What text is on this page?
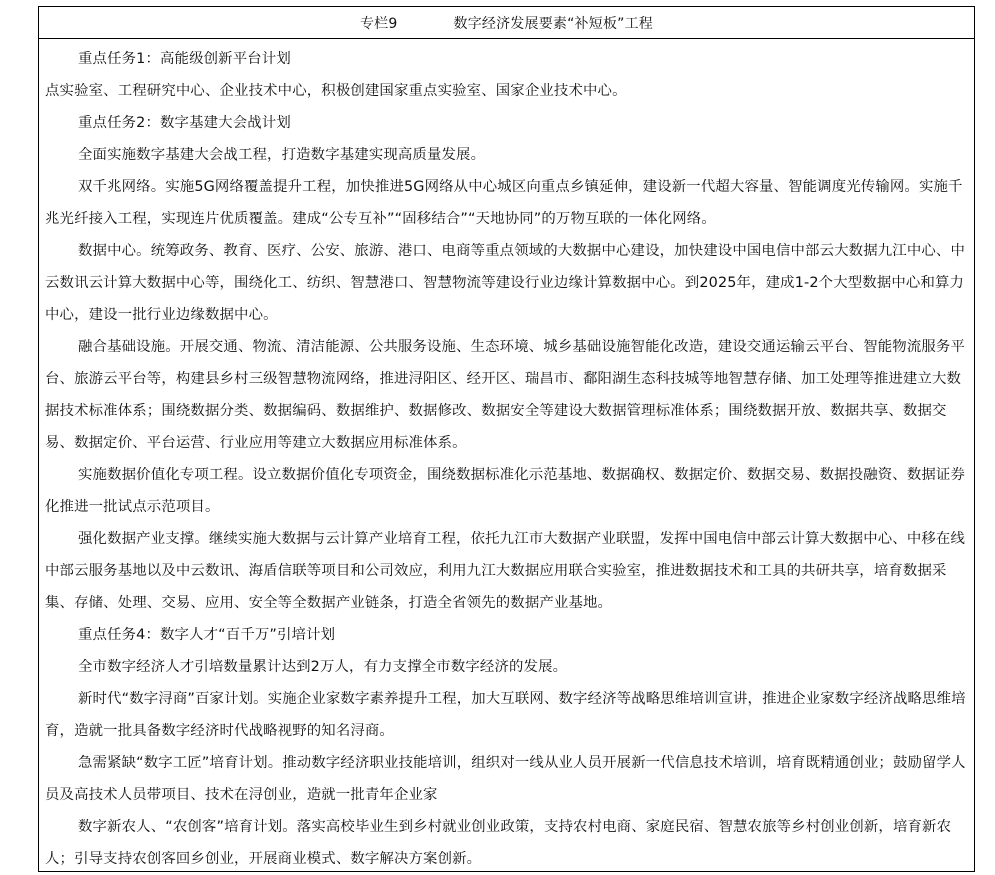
专栏9	数字经济发展要素“补短板”工程

重点任务1：高能级创新平台计划

点实验室、工程研究中心、企业技术中心，积极创建国家重点实验室、国家企业技术中心。

重点任务2：数字基建大会战计划

全面实施数字基建大会战工程，打造数字基建实现高质量发展。

双千兆网络。实施5G网络覆盖提升工程，加快推进5G网络从中心城区向重点乡镇延伸，建设新一代超大容量、智能调度光传输网。实施千兆光纤接入工程，实现连片优质覆盖。建成“公专互补”“固移结合”“天地协同”的万物互联的一体化网络。

数据中心。统筹政务、教育、医疗、公安、旅游、港口、电商等重点领域的大数据中心建设，加快建设中国电信中部云大数据九江中心、中云数讯云计算大数据中心等，围绕化工、纺织、智慧港口、智慧物流等建设行业边缘计算数据中心。到2025年，建成1-2个大型数据中心和算力中心，建设一批行业边缘数据中心。

融合基础设施。开展交通、物流、清洁能源、公共服务设施、生态环境、城乡基础设施智能化改造，建设交通运输云平台、智能物流服务平台、旅游云平台等，构建县乡村三级智慧物流网络，推进浔阳区、经开区、瑞昌市、鄱阳湖生态科技城等地智慧存储、加工处理等推进建立大数据技术标准体系；围绕数据分类、数据编码、数据维护、数据修改、数据安全等建设大数据管理标准体系；围绕数据开放、数据共享、数据交易、数据定价、平台运营、行业应用等建立大数据应用标准体系。

实施数据价值化专项工程。设立数据价值化专项资金，围绕数据标准化示范基地、数据确权、数据定价、数据交易、数据投融资、数据证券化推进一批试点示范项目。

强化数据产业支撑。继续实施大数据与云计算产业培育工程，依托九江市大数据产业联盟，发挥中国电信中部云计算大数据中心、中移在线中部云服务基地以及中云数讯、海盾信联等项目和公司效应，利用九江大数据应用联合实验室，推进数据技术和工具的共研共享，培育数据采集、存储、处理、交易、应用、安全等全数据产业链条，打造全省领先的数据产业基地。

重点任务4：数字人才“百千万”引培计划

全市数字经济人才引培数量累计达到2万人，有力支撑全市数字经济的发展。

新时代“数字浔商”百家计划。实施企业家数字素养提升工程，加大互联网、数字经济等战略思维培训宣讲，推进企业家数字经济战略思维培育，造就一批具备数字经济时代战略视野的知名浔商。

急需紧缺“数字工匠”培育计划。推动数字经济职业技能培训，组织对一线从业人员开展新一代信息技术培训，培育既精通创业；鼓励留学人员及高技术人员带项目、技术在浔创业，造就一批青年企业家

数字新农人、“农创客”培育计划。落实高校毕业生到乡村就业创业政策，支持农村电商、家庭民宿、智慧农旅等乡村创业创新，培育新农人；引导支持农创客回乡创业，开展商业模式、数字解决方案创新。
